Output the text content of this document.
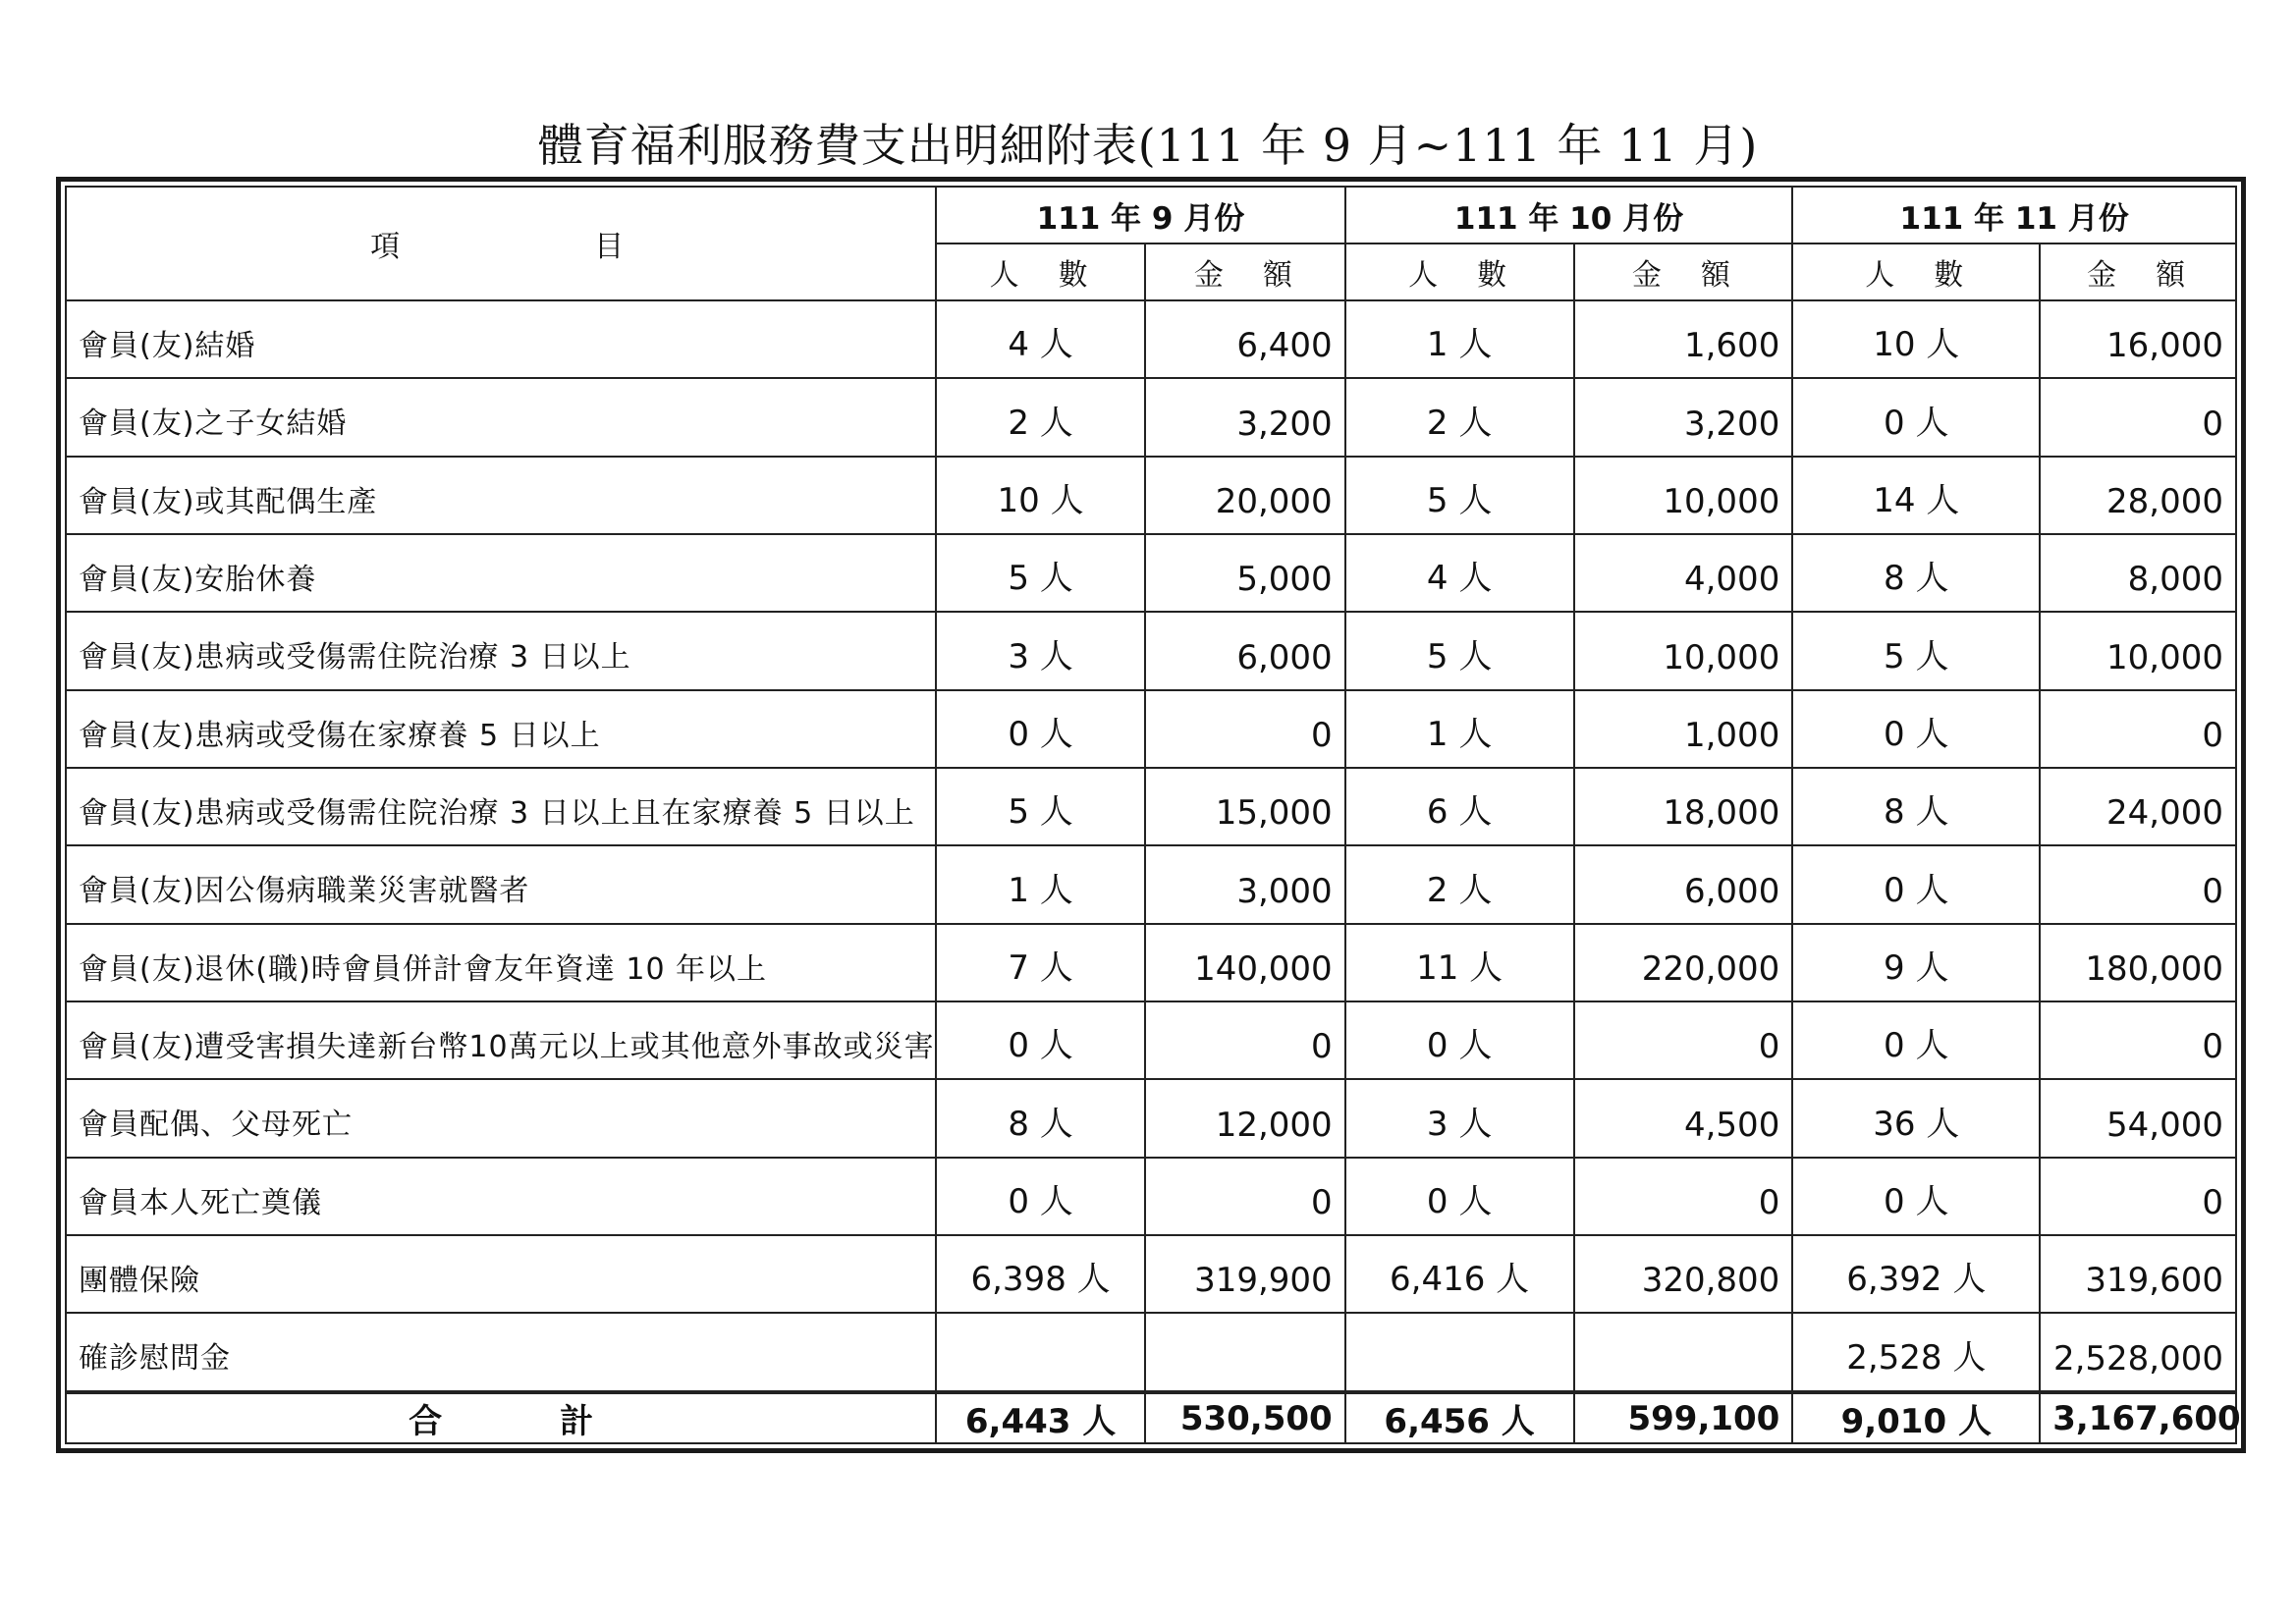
體育福利服務費支出明細附表(111 年 9 月~111 年 11 月)
項 目	111 年 9 月份		111 年 10 月份		111 年 11 月份	
	人 數	金 額	人 數	金 額	人 數	金 額
會員(友)結婚	4 人	6,400	1 人	1,600	10 人	16,000
會員(友)之子女結婚	2 人	3,200	2 人	3,200	0 人	0
會員(友)或其配偶生產	10 人	20,000	5 人	10,000	14 人	28,000
會員(友)安胎休養	5 人	5,000	4 人	4,000	8 人	8,000
會員(友)患病或受傷需住院治療 3 日以上	3 人	6,000	5 人	10,000	5 人	10,000
會員(友)患病或受傷在家療養 5 日以上	0 人	0	1 人	1,000	0 人	0
會員(友)患病或受傷需住院治療 3 日以上且在家療養 5 日以上	5 人	15,000	6 人	18,000	8 人	24,000
會員(友)因公傷病職業災害就醫者	1 人	3,000	2 人	6,000	0 人	0
會員(友)退休(職)時會員併計會友年資達 10 年以上	7 人	140,000	11 人	220,000	9 人	180,000
會員(友)遭受害損失達新台幣10萬元以上或其他意外事故或災害	0 人	0	0 人	0	0 人	0
會員配偶、父母死亡	8 人	12,000	3 人	4,500	36 人	54,000
會員本人死亡奠儀	0 人	0	0 人	0	0 人	0
團體保險	6,398 人	319,900	6,416 人	320,800	6,392 人	319,600
確診慰問金					2,528 人	2,528,000
合 計	6,443 人	530,500	6,456 人	599,100	9,010 人	3,167,600
